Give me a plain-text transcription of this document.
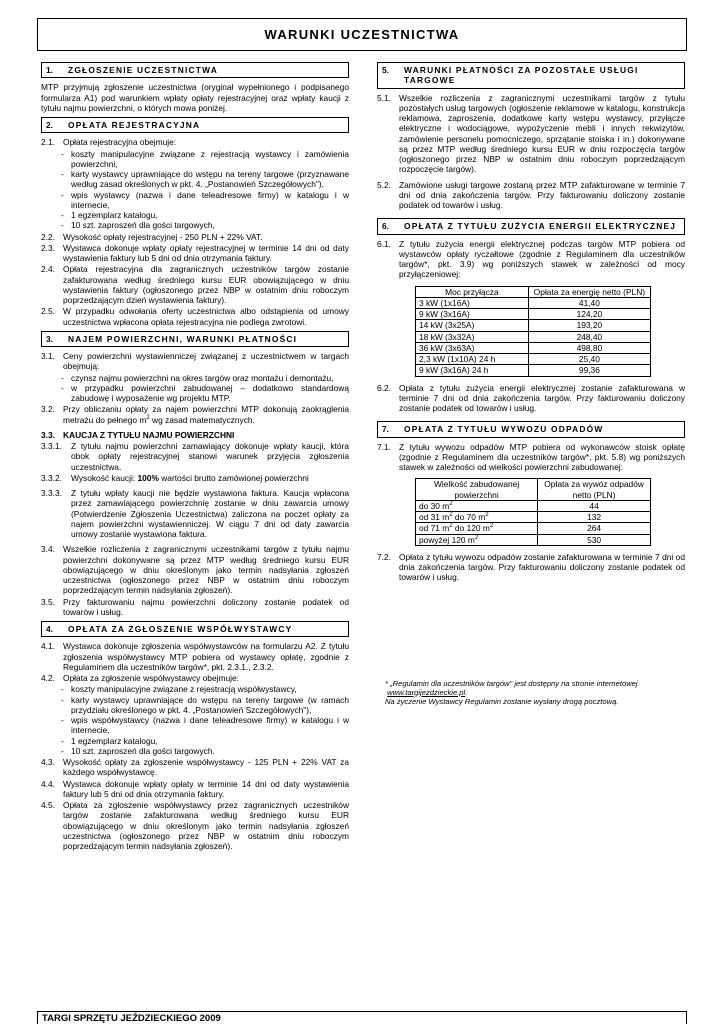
WARUNKI UCZESTNICTWA
1.	ZGŁOSZENIE UCZESTNICTWA
MTP przyjmują zgłoszenie uczestnictwa (oryginał wypełnionego i podpisanego formularza A1) pod warunkiem wpłaty opłaty rejestracyjnej oraz wpłaty kaucji z tytułu najmu powierzchni, o których mowa poniżej.
2.	OPŁATA REJESTRACYJNA
2.1. Opłata rejestracyjna obejmuje:
- koszty manipulacyjne związane z rejestracją wystawcy i zamówienia powierzchni,
- karty wystawcy uprawniające do wstępu na tereny targowe (przyznawane według zasad określonych w pkt. 4. „Postanowień Szczegółowych"),
- wpis wystawcy (nazwa i dane teleadresowe firmy) w katalogu i w internecie,
- 1 egzemplarz katalogu,
- 10 szt. zaproszeń dla gości targowych,
2.2. Wysokość opłaty rejestracyjnej - 250 PLN + 22% VAT.
2.3. Wystawca dokonuje wpłaty opłaty rejestracyjnej w terminie 14 dni od daty wystawienia faktury lub 5 dni od dnia otrzymania faktury.
2.4. Opłata rejestracyjna dla zagranicznych uczestników targów zostanie zafakturowana według średniego kursu EUR obowiązującego w dniu wystawienia faktury (ogłoszonego przez NBP w ostatnim dniu roboczym poprzedzającym dzień wystawienia faktury).
2.5. W przypadku odwołania oferty uczestnictwa albo odstąpienia od umowy uczestnictwa wpłacona opłata rejestracyjna nie podlega zwrotowi.
3.	NAJEM POWIERZCHNI, WARUNKI PŁATNOŚCI
3.1. Ceny powierzchni wystawienniczej związanej z uczestnictwem w targach obejmują:
- czynsz najmu powierzchni na okres targów oraz montażu i demontażu,
- w przypadku powierzchni zabudowanej – dodatkowo standardową zabudowę i wyposażenie wg projektu MTP.
3.2. Przy obliczaniu opłaty za najem powierzchni MTP dokonują zaokrąglenia metrażu do pełnego $m^2$ wg zasad matematycznych.
3.3. KAUCJA Z TYTUŁU NAJMU POWIERZCHNI
3.3.1.	Z tytułu najmu powierzchni zamawiający dokonuje wpłaty kaucji, która obok opłaty rejestracyjnej stanowi warunek przyjęcia zgłoszenia uczestnictwa.
3.3.2.	Wysokość kaucji: 100% wartości brutto zamówionej powierzchni
3.3.3.	Z tytułu wpłaty kaucji nie będzie wystawiona faktura. Kaucja wpłacona przez zamawiającego powierzchnię zostanie w dniu zawarcia umowy (Potwierdzenie Zgłoszenia Uczestnictwa) zaliczona na poczet opłaty za najem powierzchni wystawienniczej. W ciągu 7 dni od daty zawarcia umowy zostanie wystawiona faktura.
3.4. Wszelkie rozliczenia z zagranicznymi uczestnikami targów z tytułu najmu powierzchni dokonywane są przez MTP według średniego kursu EUR obowiązującego w dniu określonym jako termin nadsyłania zgłoszeń uczestnictwa (ogłoszonego przez NBP w ostatnim dniu roboczym poprzedzającym termin nadsyłania zgłoszeń).
3.5. Przy fakturowaniu najmu powierzchni doliczony zostanie podatek od towarów i usług.
4.	OPŁATA ZA ZGŁOSZENIE WSPÓŁWYSTAWCY
4.1. Wystawca dokonuje zgłoszenia współwystawców na formularzu A2. Z tytułu zgłoszenia współwystawcy MTP pobiera od wystawcy opłatę, zgodnie z Regulaminem dla uczestników targów*, pkt. 2.3.1., 2.3.2.
4.2. Opłata za zgłoszenie współwystawcy obejmuje:
- koszty manipulacyjne związane z rejestracją współwystawcy,
- karty wystawcy uprawniające do wstępu na tereny targowe (w ramach przydziału określonego w pkt. 4. „Postanowień Szczegółowych"),
- wpis współwystawcy (nazwa i dane teleadresowe firmy) w katalogu i w internecie,
- 1 egzemplarz katalogu,
- 10 szt. zaproszeń dla gości targowych.
4.3. Wysokość opłaty za zgłoszenie współwystawcy - 125 PLN + 22% VAT za każdego współwystawcę.
4.4. Wystawca dokonuje wpłaty opłaty w terminie 14 dni od daty wystawienia faktury lub 5 dni od dnia otrzymania faktury.
4.5. Opłata za zgłoszenie współwystawcy przez zagranicznych uczestników targów zostanie zafakturowana według średniego kursu EUR obowiązującego w dniu określonym jako termin nadsyłania zgłoszeń uczestnictwa (ogłoszonego przez NBP w ostatnim dniu roboczym poprzedzającym termin nadsyłania zgłoszeń).
5.	WARUNKI PŁATNOŚCI ZA POZOSTAŁE USŁUGI TARGOWE
5.1. Wszelkie rozliczenia z zagranicznymi uczestnikami targów z tytułu pozostałych usług targowych (ogłoszenie reklamowe w katalogu, konstrukcja reklamowa, zaproszenia, dodatkowe karty wstępu wystawcy, przyłącze elektryczne i wodociągowe, wypożyczenie mebli i innych rekwizytów, zamówienie personelu pomocniczego, sprzątanie stoiska i in.) dokonywane są przez MTP według średniego kursu EUR w dniu rozpoczęcia targów (ogłoszonego przez NBP w ostatnim dniu roboczym poprzedzającym rozpoczęcie targów).
5.2. Zamówione usługi targowe zostaną przez MTP zafakturowane w terminie 7 dni od dnia zakończenia targów. Przy fakturowaniu doliczony zostanie podatek od towarów i usług.
6.	OPŁATA Z TYTUŁU ZUŻYCIA ENERGII ELEKTRYCZNEJ
6.1. Z tytułu zużycia energii elektrycznej podczas targów MTP pobiera od wystawców opłaty ryczałtowe (zgodnie z Regulaminem dla uczestników targów*, pkt. 3.9) wg poniższych stawek w zależności od mocy przyłączeniowej:
Moc przyłącza	Opłata za energię netto (PLN)
3 kW (1x16A)	41,40
9 kW (3x16A)	124,20
14 kW (3x25A)	193,20
18 kW (3x32A)	248,40
36 kW (3x63A)	498,80
2,3 kW (1x10A) 24 h	25,40
9 kW (3x16A) 24 h	99,36
6.2. Opłata z tytułu zużycia energii elektrycznej zostanie zafakturowana w terminie 7 dni od dnia zakończenia targów. Przy fakturowaniu doliczony zostanie podatek od towarów i usług.
7.	OPŁATA Z TYTUŁU WYWOZU ODPADÓW
7.1. Z tytułu wywozu odpadów MTP pobiera od wykonawców stoisk opłatę (zgodnie z Regulaminem dla uczestników targów*, pkt. 5.8) wg poniższych stawek w zależności od wielkości powierzchni zabudowanej:
Wielkość zabudowanej powierzchni	Opłata za wywóz odpadów netto (PLN)
do 30 $m^2$	44
od 31 $m^2$ do 70 $m^2$	132
od 71 $m^2$ do 120 $m^2$	264
powyżej 120 $m^2$	530
7.2. Opłata z tytułu wywozu odpadów zostanie zafakturowana w terminie 7 dni od dnia zakończenia targów. Przy fakturowaniu doliczony zostanie podatek od towarów i usług.
* „Regulamin dla uczestników targów" jest dostępny na stronie internetowej
www.targijezdzieckie.pl.
Na życzenie Wystawcy Regulamin zostanie wysłany drogą pocztową.
TARGI SPRZĘTU JEŹDZIECKIEGO 2009
